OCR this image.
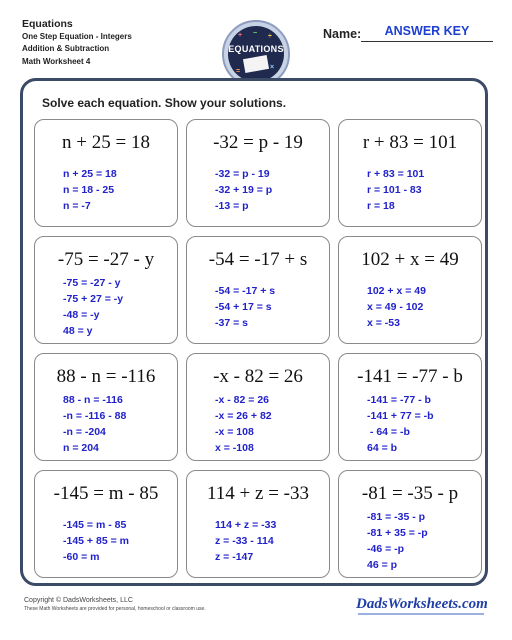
Equations
One Step Equation - Integers
Addition & Subtraction
Math Worksheet 4
+ − ÷
EQUATIONS
×
=
Name:	ANSWER KEY
Solve each equation. Show your solutions.
n + 25 = 18
n + 25 = 18
n = 18 - 25
n = -7
-32 = p - 19
-32 = p - 19
-32 + 19 = p
-13 = p
r + 83 = 101
r + 83 = 101
r = 101 - 83
r = 18
-75 = -27 - y
-75 = -27 - y
-75 + 27 = -y
-48 = -y
48 = y
-54 = -17 + s
-54 = -17 + s
-54 + 17 = s
-37 = s
102 + x = 49
102 + x = 49
x = 49 - 102
x = -53
88 - n = -116
88 - n = -116
-n = -116 - 88
-n = -204
n = 204
-x - 82 = 26
-x - 82 = 26
-x = 26 + 82
-x = 108
x = -108
-141 = -77 - b
-141 = -77 - b
-141 + 77 = -b
- 64 = -b
64 = b
-145 = m - 85
-145 = m - 85
-145 + 85 = m
-60 = m
114 + z = -33
114 + z = -33
z = -33 - 114
z = -147
-81 = -35 - p
-81 = -35 - p
-81 + 35 = -p
-46 = -p
46 = p
Copyright © DadsWorksheets, LLC
These Math Worksheets are provided for personal, homeschool or classroom use.	DadsWorksheets.com
